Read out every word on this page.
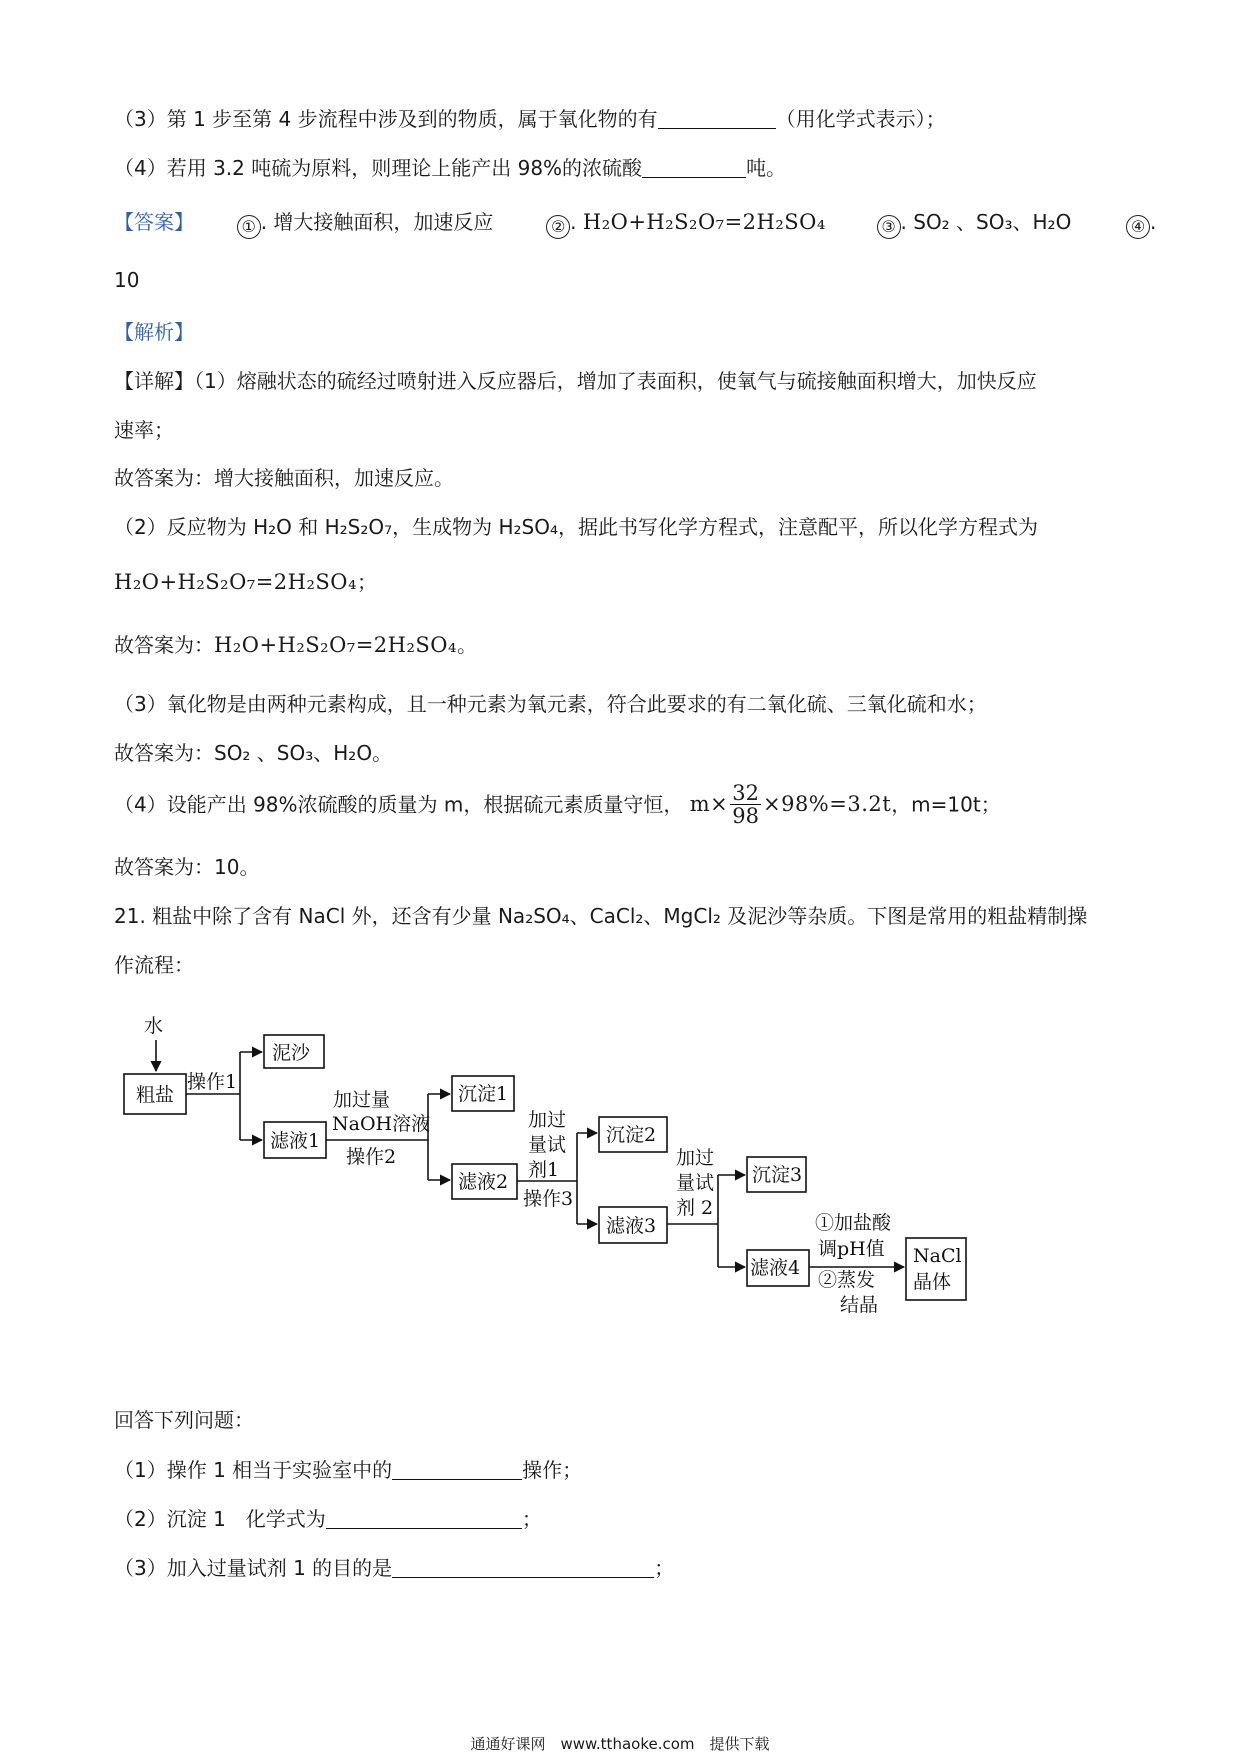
（3）第 1 步至第 4 步流程中涉及到的物质，属于氧化物的有	（用化学式表示）；
（4）若用 3.2 吨硫为原料，则理论上能产出 98%的浓硫酸	吨。
【答案】	① . 增大接触面积，加速反应	② . H₂O+H₂S₂O₇=2H₂SO₄	③ . SO₂ 、SO₃、H₂O	④ .
10
【解析】
【详解】（1）熔融状态的硫经过喷射进入反应器后，增加了表面积，使氧气与硫接触面积增大，加快反应
速率；
故答案为：增大接触面积，加速反应。
（2）反应物为 H₂O 和 H₂S₂O₇，生成物为 H₂SO₄，据此书写化学方程式，注意配平，所以化学方程式为
H₂O+H₂S₂O₇=2H₂SO₄；
故答案为：H₂O+H₂S₂O₇=2H₂SO₄。
（3）氧化物是由两种元素构成，且一种元素为氧元素，符合此要求的有二氧化硫、三氧化硫和水；
故答案为：SO₂ 、SO₃、H₂O。
（4）设能产出 98%浓硫酸的质量为 m，根据硫元素质量守恒， $m\times \frac{32}{98} \times 98\%=3.2t$，m=10t；
故答案为：10。
21. 粗盐中除了含有 NaCl 外，还含有少量 Na₂SO₄、CaCl₂、MgCl₂ 及泥沙等杂质。下图是常用的粗盐精制操
作流程：
水
粗盐
操作1
泥沙
滤液1
加过量
NaOH溶液
操作2
沉淀1
滤液2
加过
量试
剂1
操作3
沉淀2
滤液3
加过
量试
剂 2
沉淀3
滤液4
①加盐酸
调pH值
②蒸发
结晶
NaCl
晶体
回答下列问题：
（1）操作 1 相当于实验室中的	操作；
（2）沉淀 1　化学式为	；
（3）加入过量试剂 1 的目的是	；
通通好课网　www.tthaoke.com　提供下载
